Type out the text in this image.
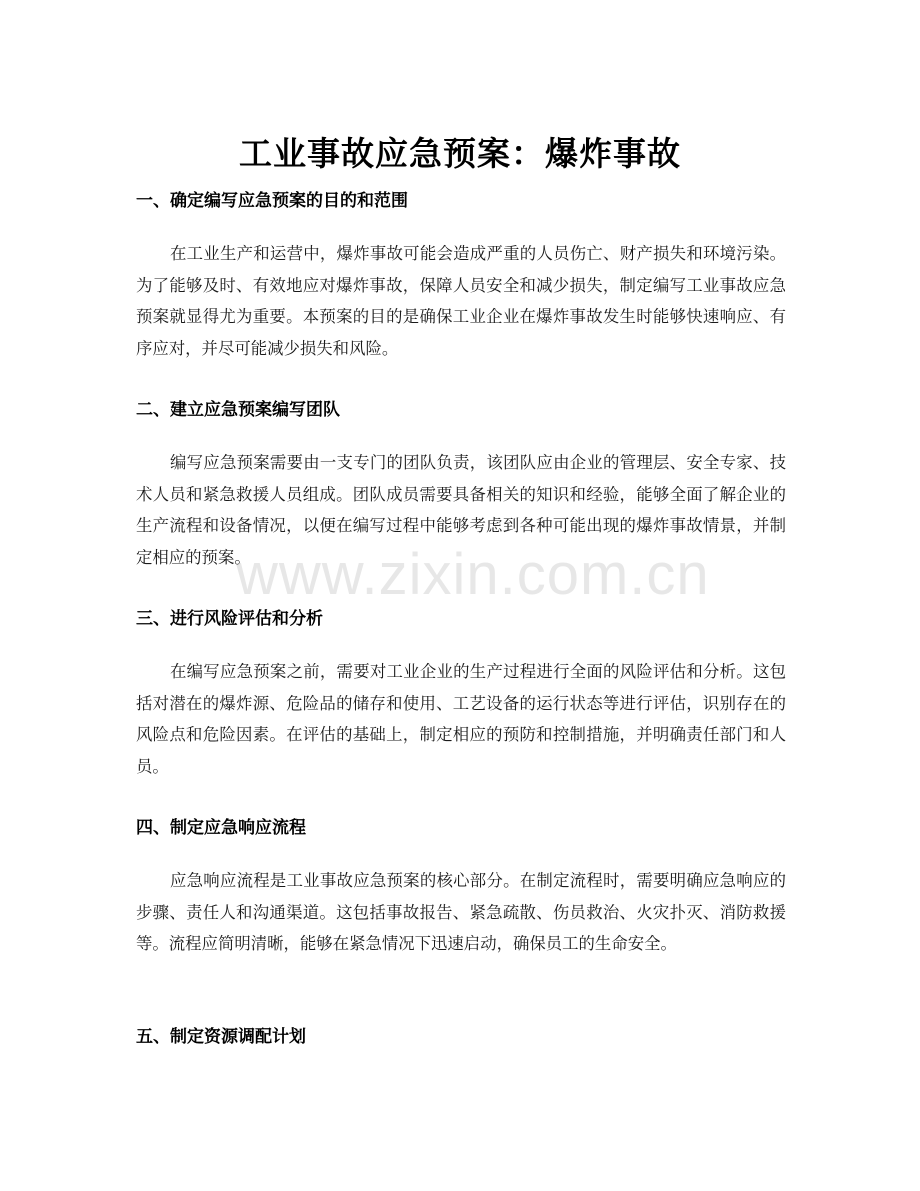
工业事故应急预案：爆炸事故
一、确定编写应急预案的目的和范围

在工业生产和运营中，爆炸事故可能会造成严重的人员伤亡、财产损失和环境污染。为了能够及时、有效地应对爆炸事故，保障人员安全和减少损失，制定编写工业事故应急预案就显得尤为重要。本预案的目的是确保工业企业在爆炸事故发生时能够快速响应、有序应对，并尽可能减少损失和风险。

二、建立应急预案编写团队

编写应急预案需要由一支专门的团队负责，该团队应由企业的管理层、安全专家、技术人员和紧急救援人员组成。团队成员需要具备相关的知识和经验，能够全面了解企业的生产流程和设备情况，以便在编写过程中能够考虑到各种可能出现的爆炸事故情景，并制定相应的预案。

三、进行风险评估和分析

在编写应急预案之前，需要对工业企业的生产过程进行全面的风险评估和分析。这包括对潜在的爆炸源、危险品的储存和使用、工艺设备的运行状态等进行评估，识别存在的风险点和危险因素。在评估的基础上，制定相应的预防和控制措施，并明确责任部门和人员。

四、制定应急响应流程

应急响应流程是工业事故应急预案的核心部分。在制定流程时，需要明确应急响应的步骤、责任人和沟通渠道。这包括事故报告、紧急疏散、伤员救治、火灾扑灭、消防救援等。流程应简明清晰，能够在紧急情况下迅速启动，确保员工的生命安全。

五、制定资源调配计划
www.zixin.com.cn
